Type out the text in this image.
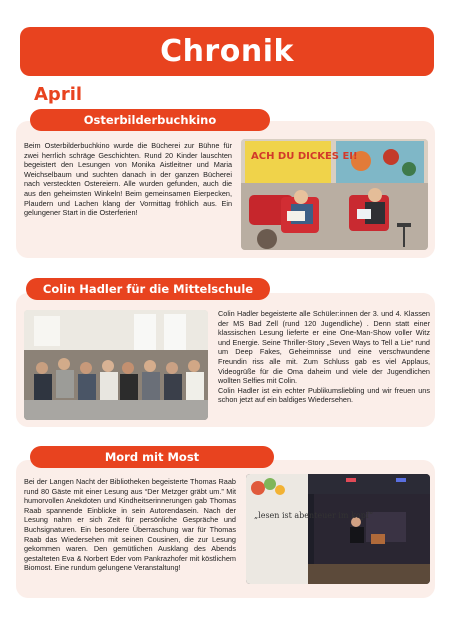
Chronik
April
Osterbilderbuchkino

Beim Osterbilderbuchkino wurde die Bücherei zur Bühne für zwei herrlich schräge Geschichten. Rund 20 Kinder lauschten begeistert den Lesungen von Monika Aistleitner und Maria Weichselbaum und suchten danach in der ganzen Bücherei nach versteckten Ostereiern. Alle wurden gefunden, auch die aus den geheimsten Winkeln! Beim gemeinsamen Eierpecken, Plaudern und Lachen klang der Vormittag fröhlich aus. Ein gelungener Start in die Osterferien!

ACH DU DICKES EI!
Colin Hadler für die Mittelschule

Colin Hadler begeisterte alle Schüler:innen der 3. und 4. Klassen der MS Bad Zell (rund 120 Jugendliche) . Denn statt einer klassischen Lesung lieferte er eine One-Man-Show voller Witz und Energie. Seine Thriller-Story „Seven Ways to Tell a Lie“ rund um Deep Fakes, Geheimnisse und eine verschwundene Freundin riss alle mit. Zum Schluss gab es viel Applaus, Videogrüße für die Oma daheim und viele der Jugendlichen wollten Selfies mit Colin.
Colin Hadler ist ein echter Publikumsliebling und wir freuen uns schon jetzt auf ein baldiges Wiedersehen.

Mord mit Most

Bei der Langen Nacht der Bibliotheken begeisterte Thomas Raab rund 80 Gäste mit einer Lesung aus “Der Metzger gräbt um.” Mit humorvollen Anekdoten und Kindheitserinnerungen gab Thomas Raab spannende Einblicke in sein Autorendasein. Nach der Lesung nahm er sich Zeit für persönliche Gespräche und Buchsignaturen. Ein besondere Überraschung war für Thomas Raab das Wiedersehen mit seinen Cousinen, die zur Lesung gekommen waren. Den gemütlichen Ausklang des Abends gestalteten Eva & Norbert Eder vom Pankrazhofer mit köstlichem Biomost. Eine rundum gelungene Veranstaltung!

„lesen ist abenteuer im kopf“
